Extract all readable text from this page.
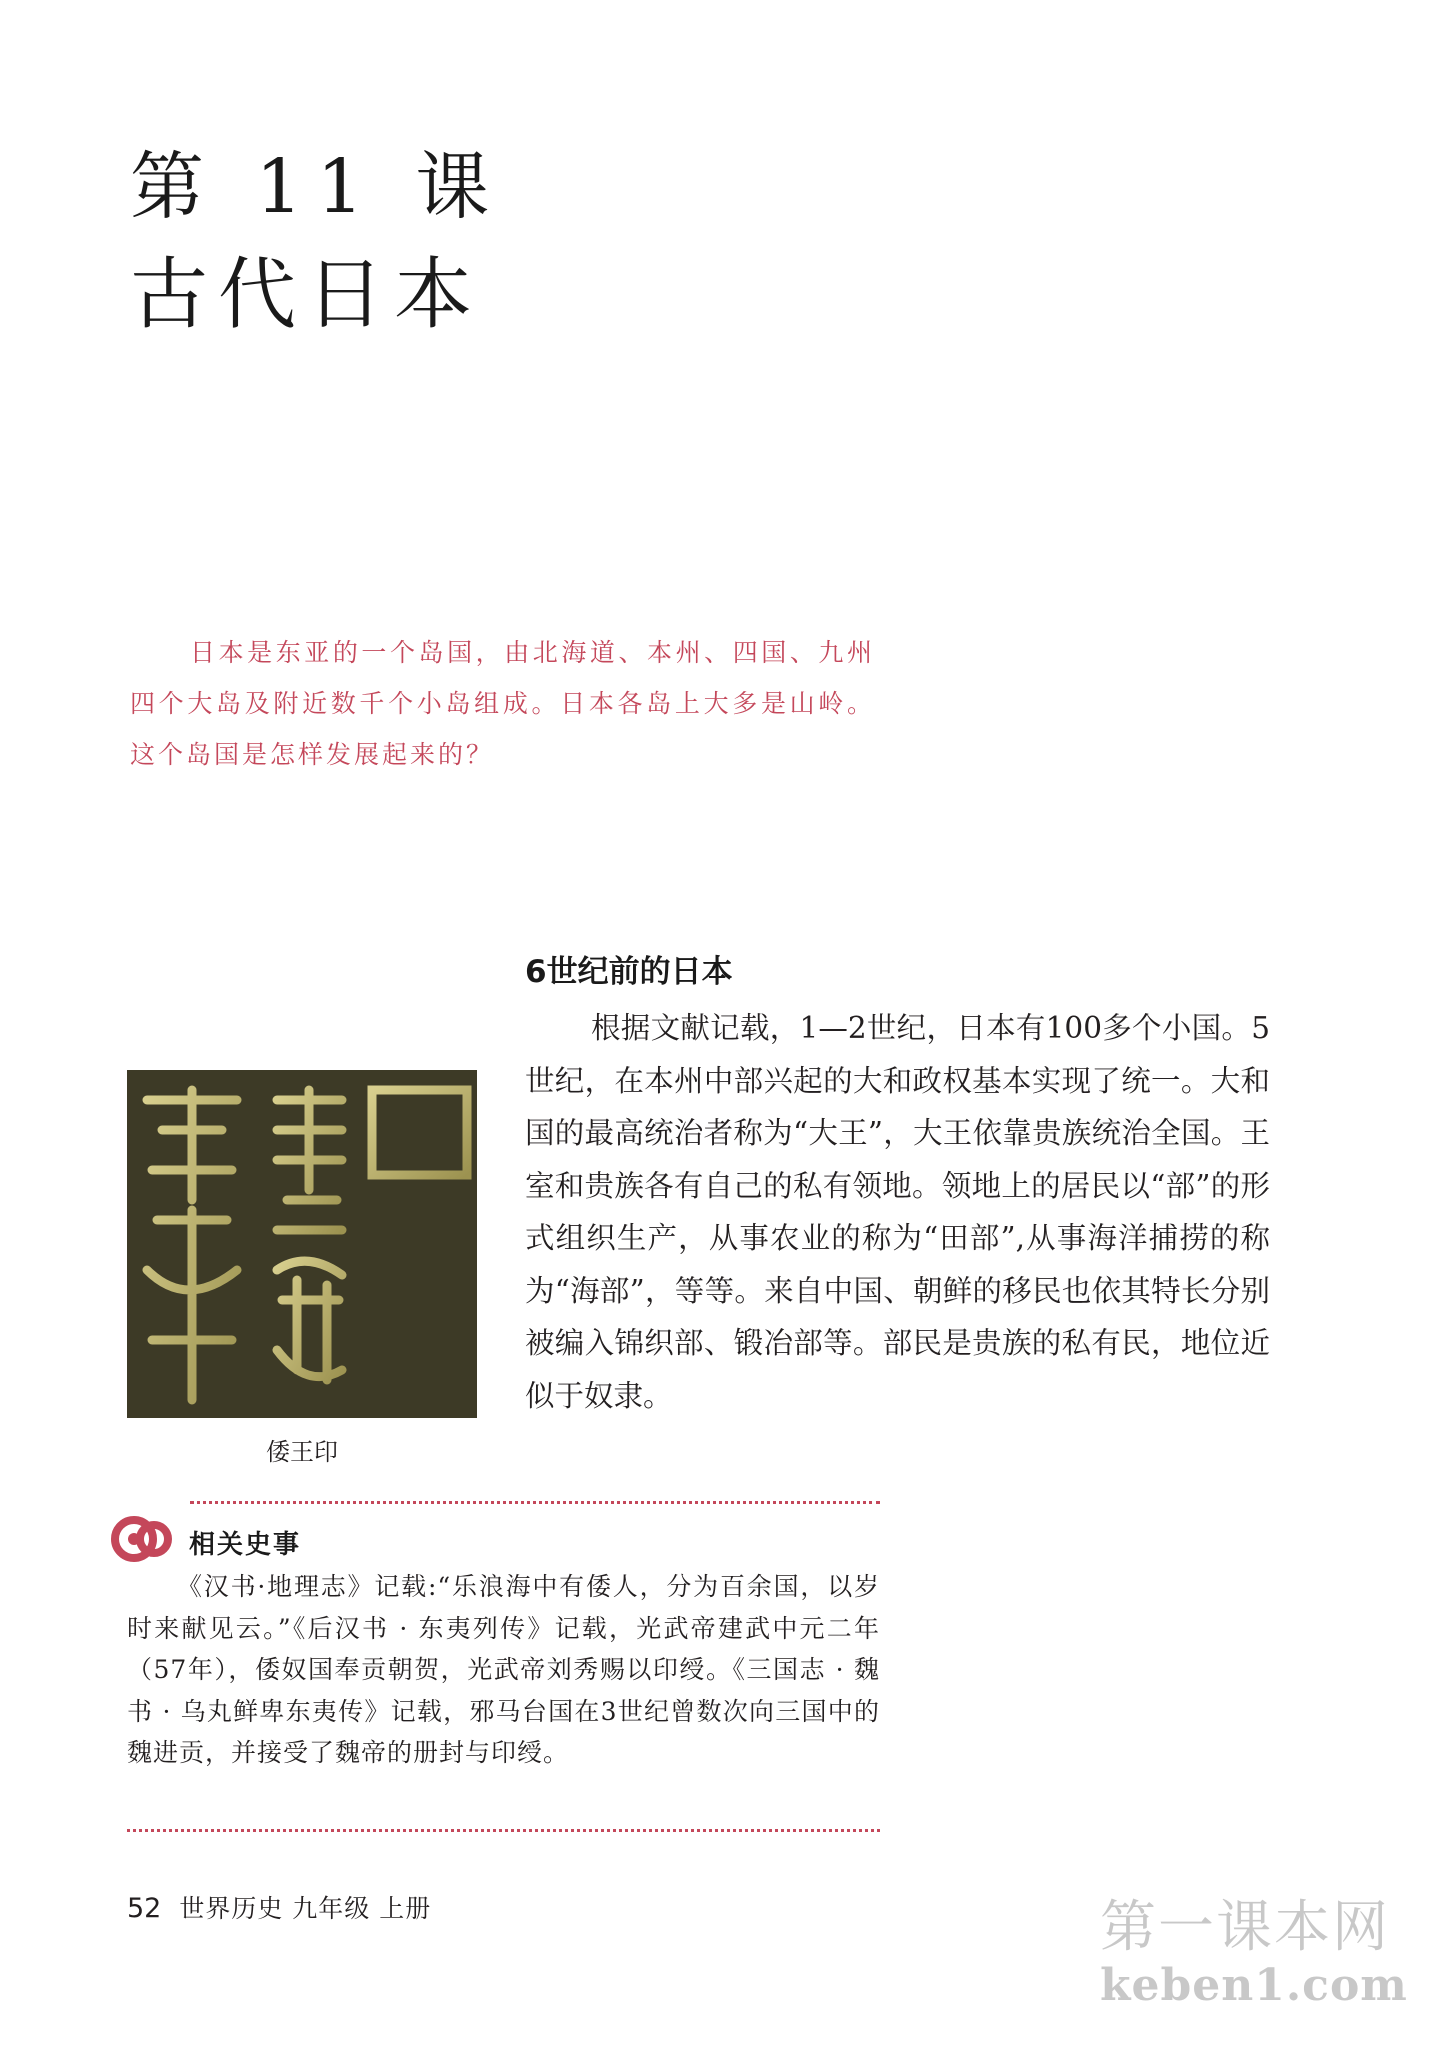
第 11 课
古代日本
日本是东亚的一个岛国，由北海道、本州、四国、九州四个大岛及附近数千个小岛组成。日本各岛上大多是山岭。这个岛国是怎样发展起来的？
6世纪前的日本
根据文献记载，1—2世纪，日本有100多个小国。5世纪，在本州中部兴起的大和政权基本实现了统一。大和国的最高统治者称为“大王”，大王依靠贵族统治全国。王室和贵族各有自己的私有领地。领地上的居民以“部”的形式组织生产，从事农业的称为“田部”,从事海洋捕捞的称为“海部”，等等。来自中国、朝鲜的移民也依其特长分别被编入锦织部、锻冶部等。部民是贵族的私有民，地位近似于奴隶。
倭王印
相关史事
《汉书·地理志》记载:“乐浪海中有倭人，分为百余国，以岁时来献见云。”《后汉书 · 东夷列传》记载，光武帝建武中元二年（57年），倭奴国奉贡朝贺，光武帝刘秀赐以印绶。《三国志 · 魏书 · 乌丸鲜卑东夷传》记载，邪马台国在3世纪曾数次向三国中的魏进贡，并接受了魏帝的册封与印绶。
52 世界历史 九年级 上册	第一课本网
keben1.com
